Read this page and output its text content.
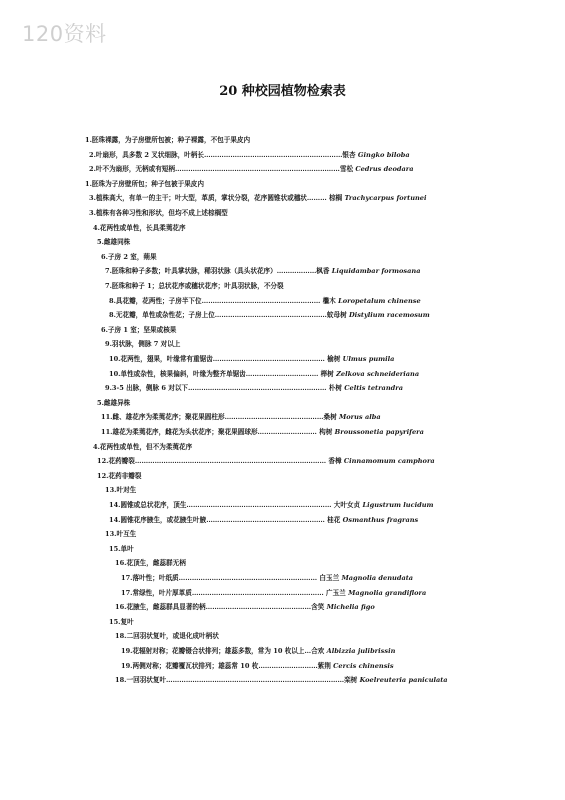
120资料
20 种校园植物检索表
1.胚珠裸露，为子房壁所包被；种子裸露，不包于果皮内
2.叶扇形，具多数 2 叉状细脉，叶柄长………………………………………………………银杏 Gingko biloba
2.叶不为扇形，无柄或有短柄…………………………………………………………………雪松 Cedrus deodara
1.胚珠为子房壁所包；种子包被于果皮内
3.植株高大，有单一的主干；叶大型，革质，掌状分裂，花序圆锥状或穗状……… 棕榈 Trachycarpus fortunei
3.植株有各种习性和形状，但均不成上述棕榈型
4.花两性或单性，长具柔荑花序
5.雌雄同株
6.子房 2 室，蒴果
7.胚珠和种子多数；叶具掌状脉，稀羽状脉（具头状花序）………………枫香 Liquidambar formosana
7.胚珠和种子 1；总状花序或穗状花序；叶具羽状脉，不分裂
8.具花瓣，花两性；子房半下位……………………………………………… 檵木 Loropetalum chinense
8.无花瓣，单性或杂性花；子房上位……………………………………………蚊母树 Distylium racemosum
6.子房 1 室；坚果或核果
9.羽状脉，侧脉 7 对以上
10.花两性，翅果，叶缘常有重锯齿…………………………………………… 榆树 Ulmus pumila
10.单性或杂性，核果偏斜，叶缘为整齐单锯齿…………………………… 榉树 Zelkova schneideriana
9.3-5 出脉，侧脉 6 对以下……………………………………………………… 朴树 Celtis tetrandra
5.雌雄异株
11.雌、雄花序为柔荑花序；聚花果圆柱形………………………………………桑树 Morus alba
11.雄花为柔荑花序，雌花为头状花序；聚花果圆球形……………………… 构树 Broussonetia papyrifera
4.花两性或单性，但不为柔荑花序
12.花药瓣裂…………………………………………………………………………… 香樟 Cinnamomum camphora
12.花药非瓣裂
13.叶对生
14.圆锥或总状花序，顶生………………………………………………………… 大叶女贞 Ligustrum lucidum
14.圆锥花序腋生，或花腋生叶腋……………………………………………… 桂花 Osmanthus fragrans
13.叶互生
15.单叶
16.花顶生，雌蕊群无柄
17.落叶性；叶纸质……………………………………………………… 白玉兰 Magnolia denudata
17.常绿性，叶片厚革质…………………………………………………… 广玉兰 Magnolia grandiflora
16.花腋生，雌蕊群具显著的柄…………………………………………含笑 Michelia figo
15.复叶
18.二回羽状复叶，或退化成叶柄状
19.花辐射对称；花瓣镊合状排列；雄蕊多数，常为 10 枚以上…合欢 Albizzia julibrissin
19.两侧对称；花瓣覆瓦状排列；雄蕊常 10 枚………………………紫荆 Cercis chinensis
18.一回羽状复叶………………………………………………………………………栾树 Koelreuteria paniculata
